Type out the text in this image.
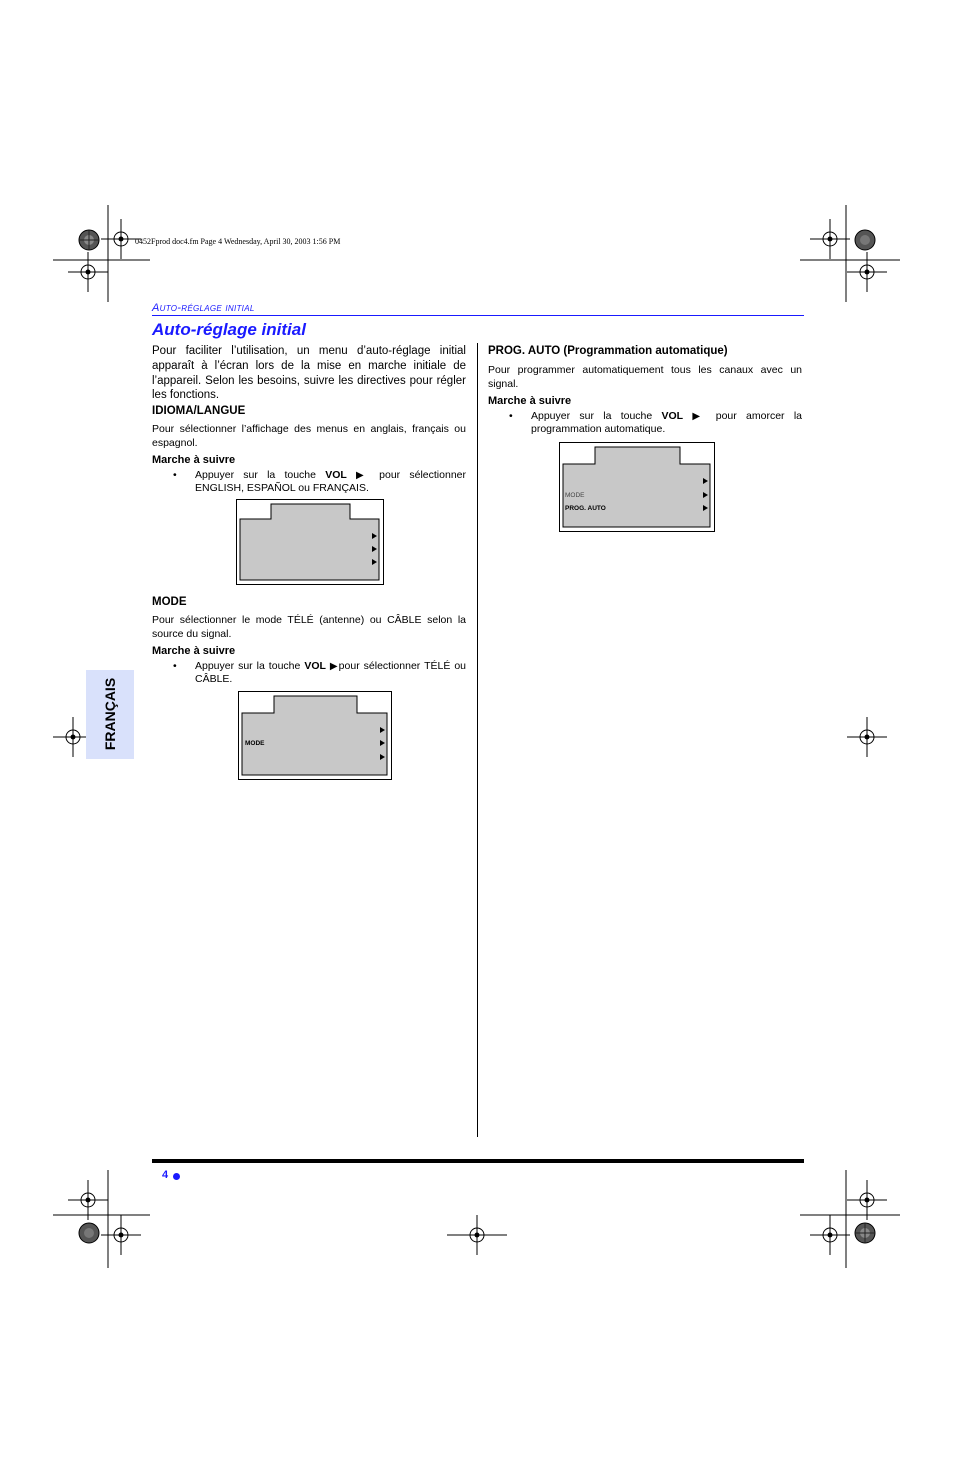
0452Fprod doc4.fm Page 4 Wednesday, April 30, 2003 1:56 PM
Auto-réglage initial
Auto-réglage initial
FRANÇAIS

Pour faciliter l’utilisation, un menu d’auto-réglage initial apparaît à l’écran lors de la mise en marche initiale de l’appareil. Selon les besoins, suivre les directives pour régler les fonctions.

IDIOMA/LANGUE

Pour sélectionner l’affichage des menus en anglais, français ou espagnol.

Marche à suivre

• Appuyer sur la touche VOL ▶ pour sélectionner ENGLISH, ESPAÑOL ou FRANÇAIS.

MODE

Pour sélectionner le mode TÉLÉ (antenne) ou CÂBLE selon la source du signal.

Marche à suivre

• Appuyer sur la touche VOL ▶pour sélectionner TÉLÉ ou CÂBLE.

MODE

PROG. AUTO (Programmation automatique)

Pour programmer automatiquement tous les canaux avec un signal.

Marche à suivre

• Appuyer sur la touche VOL ▶ pour amorcer la programmation automatique.

MODE
PROG. AUTO
4
